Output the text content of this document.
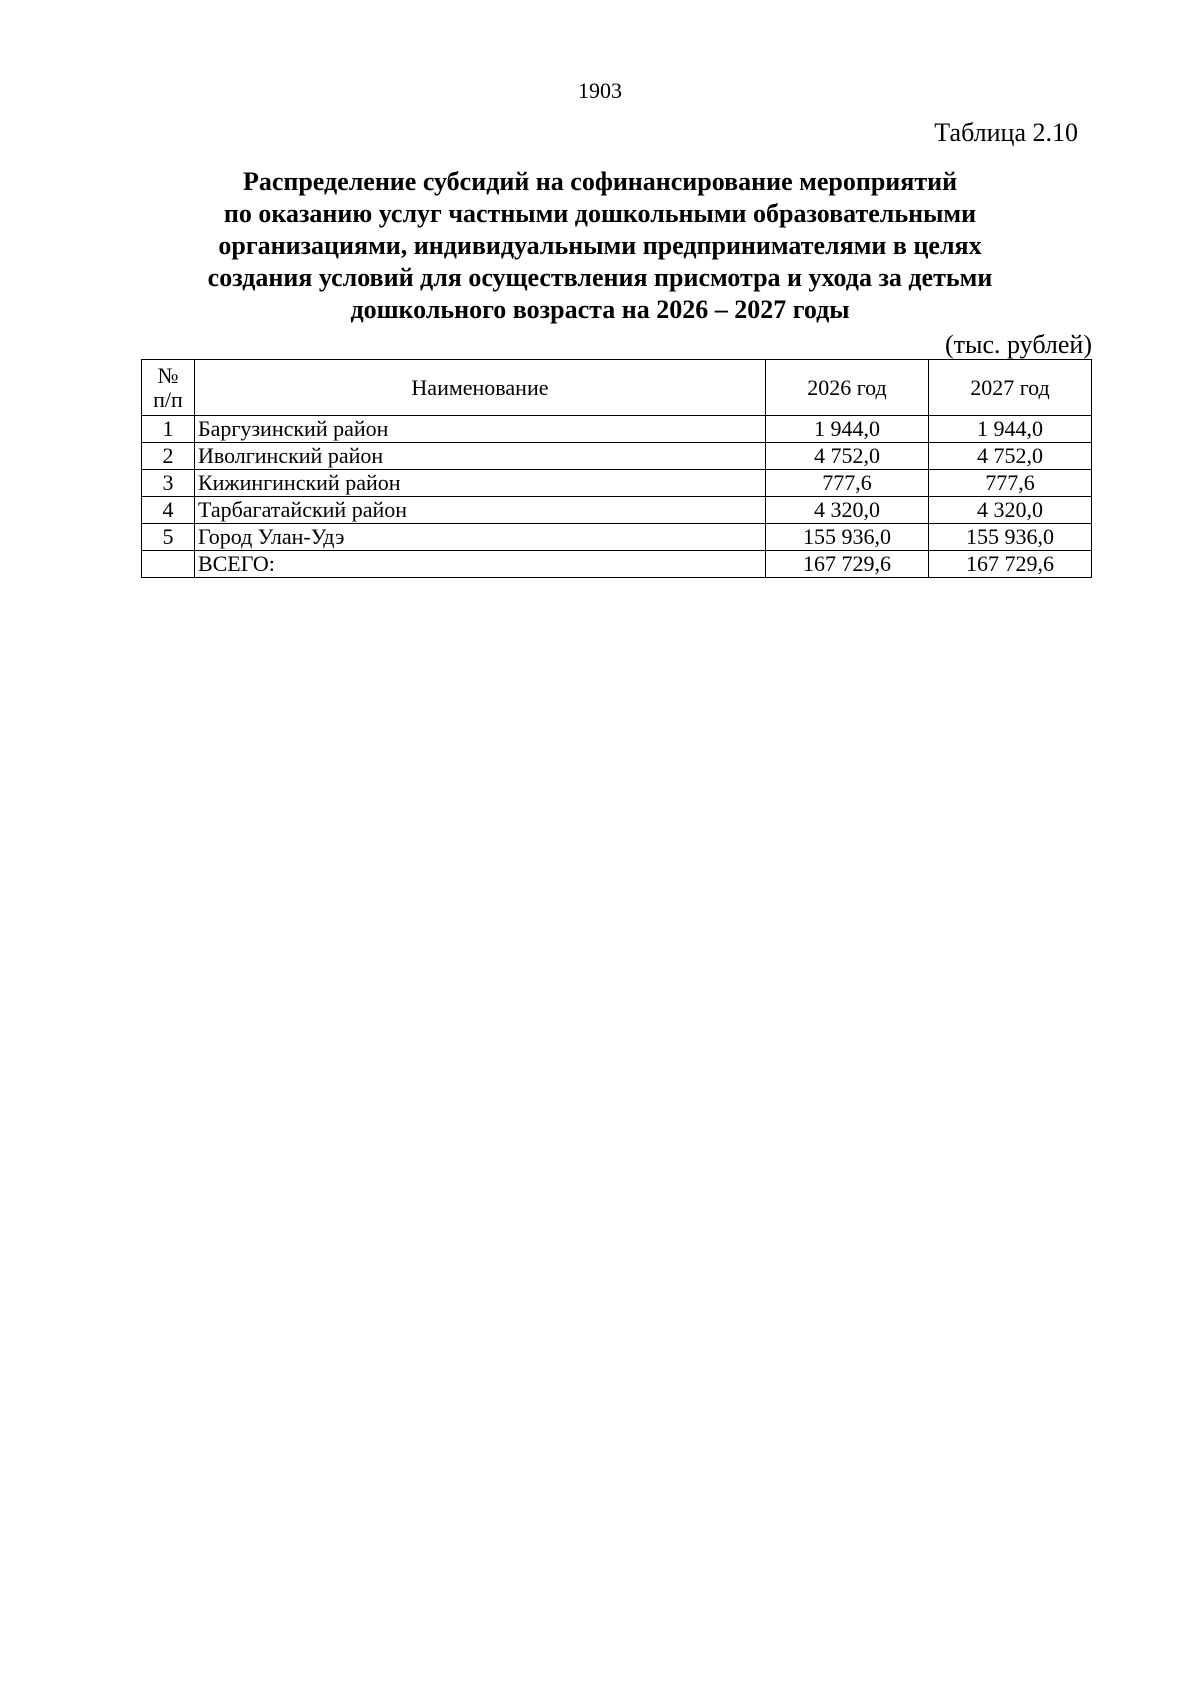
1903
Таблица 2.10
Распределение субсидий на софинансирование мероприятий
по оказанию услуг частными дошкольными образовательными
организациями, индивидуальными предпринимателями в целях
создания условий для осуществления присмотра и ухода за детьми
дошкольного возраста на 2026 – 2027 годы
(тыс. рублей)
№
п/п	Наименование	2026 год	2027 год
1	Баргузинский район	1 944,0	1 944,0
2	Иволгинский район	4 752,0	4 752,0
3	Кижингинский район	777,6	777,6
4	Тарбагатайский район	4 320,0	4 320,0
5	Город Улан-Удэ	155 936,0	155 936,0
	ВСЕГО:	167 729,6	167 729,6
